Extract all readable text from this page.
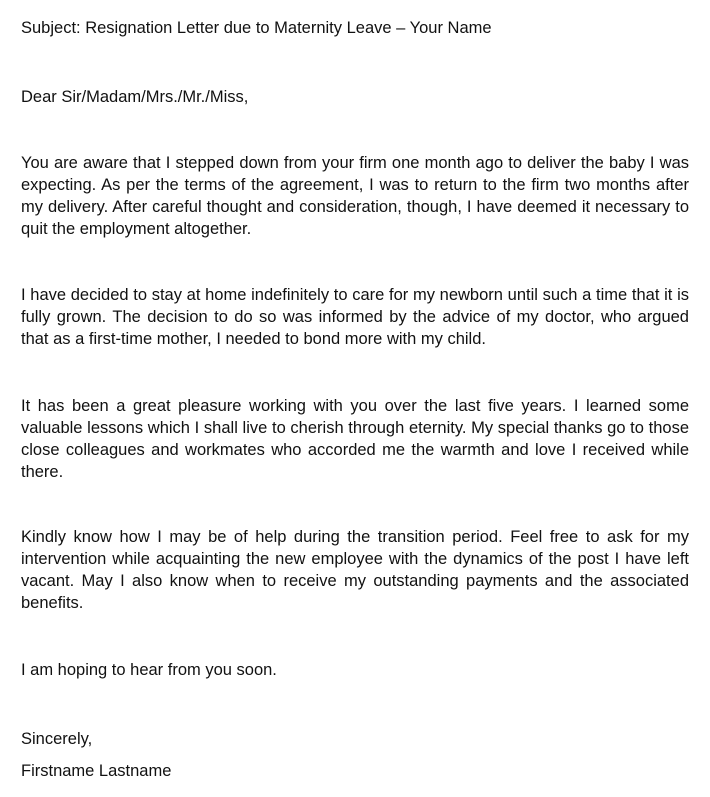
Subject: Resignation Letter due to Maternity Leave – Your Name

Dear Sir/Madam/Mrs./Mr./Miss,

You are aware that I stepped down from your firm one month ago to deliver the baby I was expecting. As per the terms of the agreement, I was to return to the firm two months after my delivery. After careful thought and consideration, though, I have deemed it necessary to quit the employment altogether.

I have decided to stay at home indefinitely to care for my newborn until such a time that it is fully grown. The decision to do so was informed by the advice of my doctor, who argued that as a first-time mother, I needed to bond more with my child.

It has been a great pleasure working with you over the last five years. I learned some valuable lessons which I shall live to cherish through eternity. My special thanks go to those close colleagues and workmates who accorded me the warmth and love I received while there.

Kindly know how I may be of help during the transition period. Feel free to ask for my intervention while acquainting the new employee with the dynamics of the post I have left vacant. May I also know when to receive my outstanding payments and the associated benefits.

I am hoping to hear from you soon.

Sincerely,

Firstname Lastname
